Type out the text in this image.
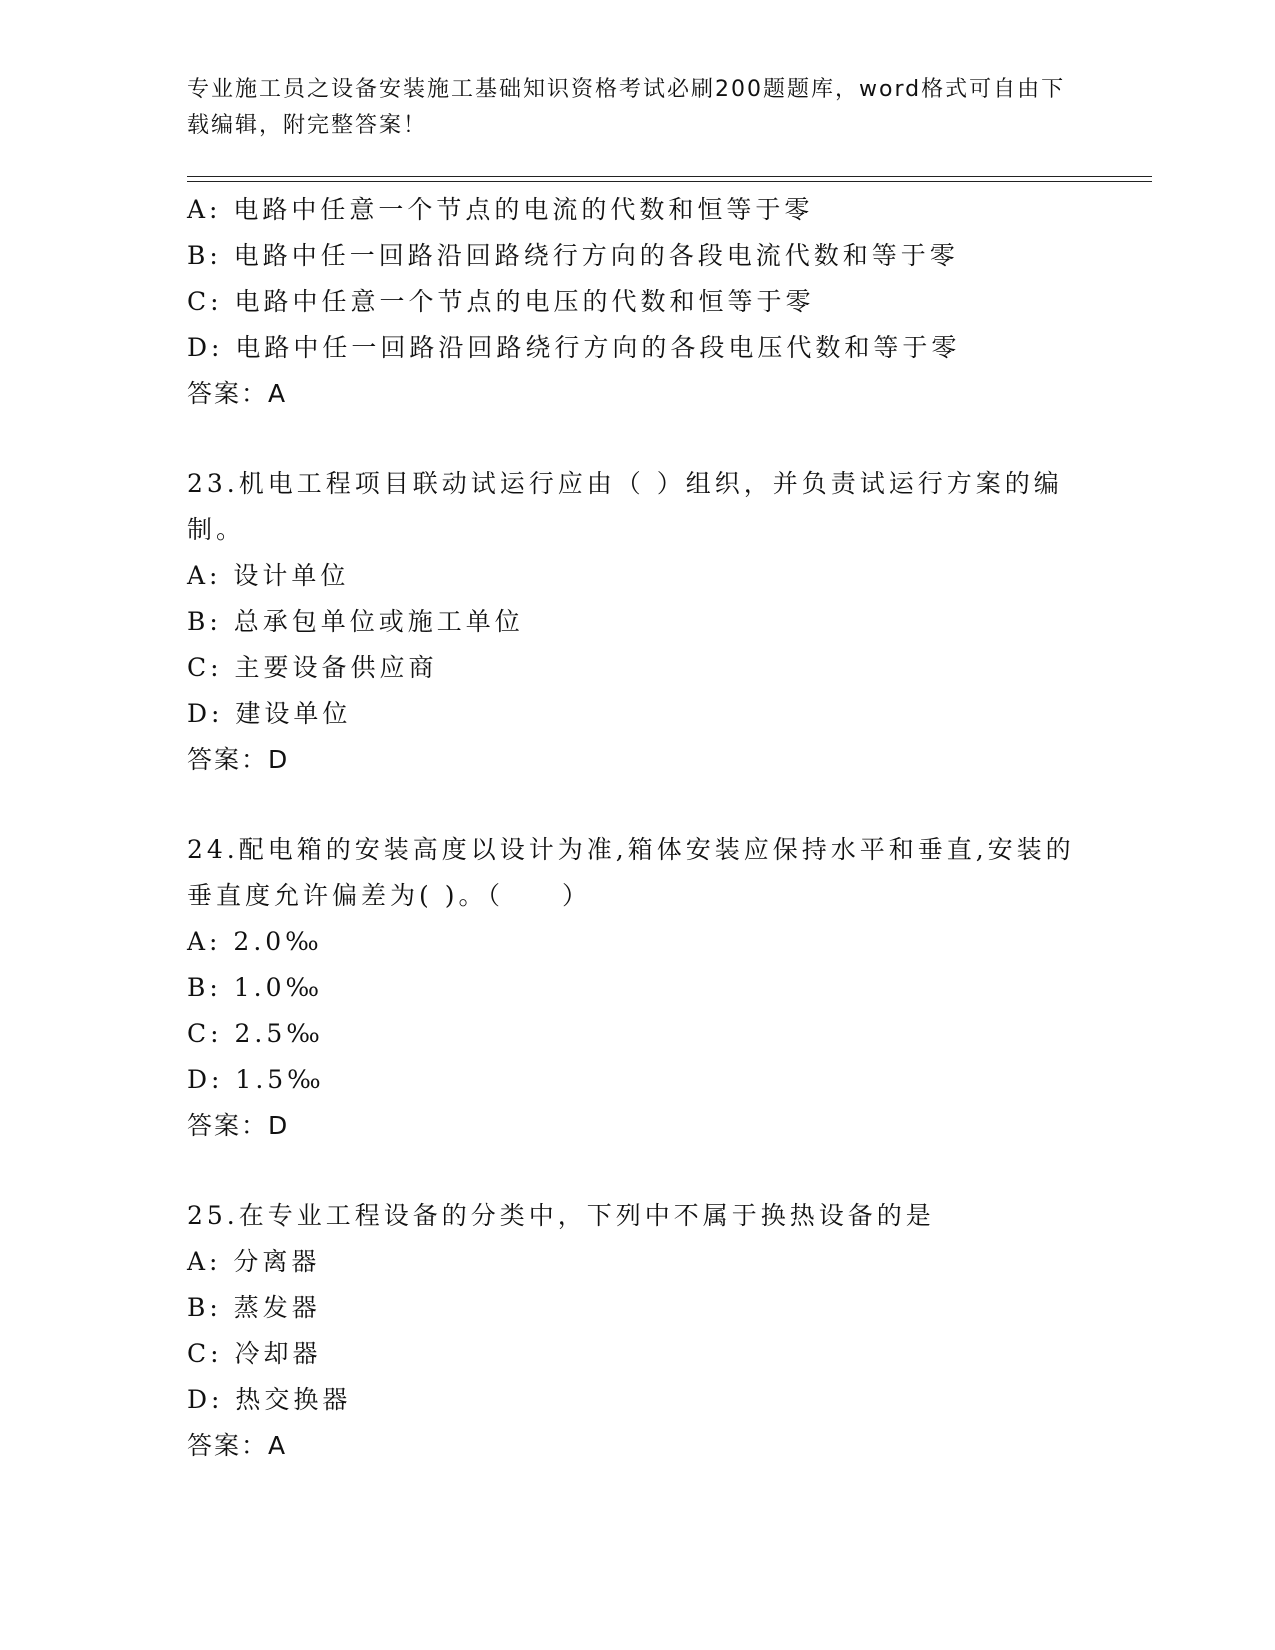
专业施工员之设备安装施工基础知识资格考试必刷200题题库，word格式可自由下载编辑，附完整答案！
A: 电路中任意一个节点的电流的代数和恒等于零
B: 电路中任一回路沿回路绕行方向的各段电流代数和等于零
C: 电路中任意一个节点的电压的代数和恒等于零
D: 电路中任一回路沿回路绕行方向的各段电压代数和等于零
答案：A
23.机电工程项目联动试运行应由（ ）组织，并负责试运行方案的编
制。
A: 设计单位
B: 总承包单位或施工单位
C: 主要设备供应商
D: 建设单位
答案：D
24.配电箱的安装高度以设计为准,箱体安装应保持水平和垂直,安装的
垂直度允许偏差为( )。（　　）
A: 2.0‰
B: 1.0‰
C: 2.5‰
D: 1.5‰
答案：D
25.在专业工程设备的分类中，下列中不属于换热设备的是
A: 分离器
B: 蒸发器
C: 冷却器
D: 热交换器
答案：A
